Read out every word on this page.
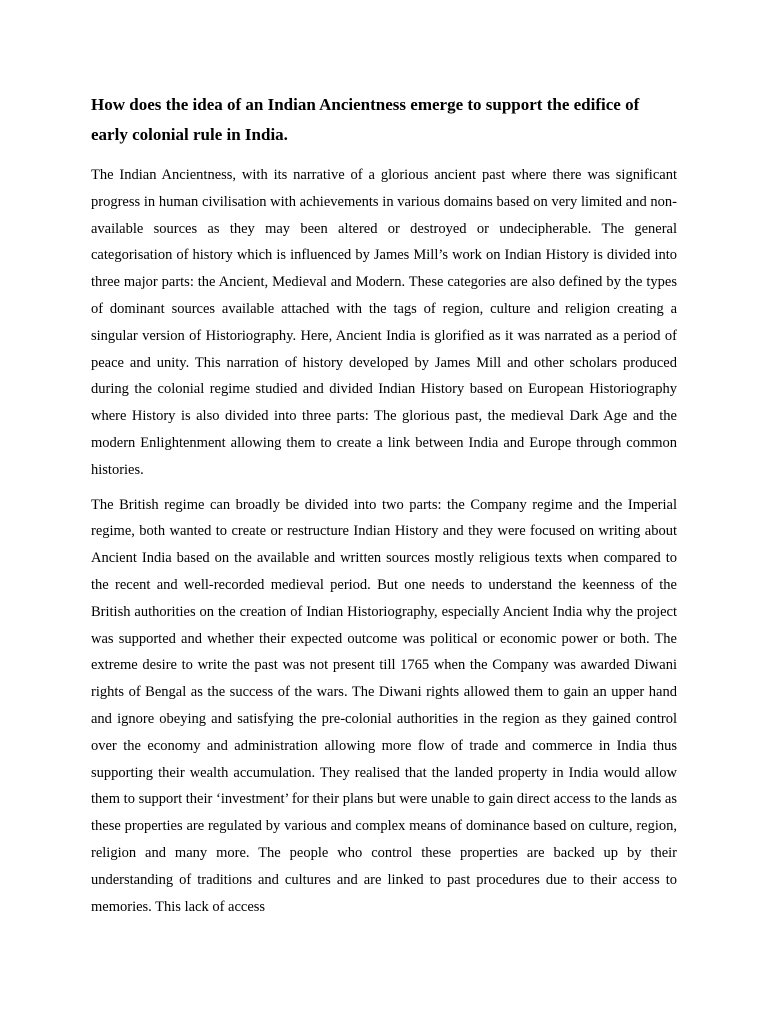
How does the idea of an Indian Ancientness emerge to support the edifice of early colonial rule in India.

The Indian Ancientness, with its narrative of a glorious ancient past where there was significant progress in human civilisation with achievements in various domains based on very limited and non-available sources as they may been altered or destroyed or undecipherable. The general categorisation of history which is influenced by James Mill’s work on Indian History is divided into three major parts: the Ancient, Medieval and Modern. These categories are also defined by the types of dominant sources available attached with the tags of region, culture and religion creating a singular version of Historiography. Here, Ancient India is glorified as it was narrated as a period of peace and unity. This narration of history developed by James Mill and other scholars produced during the colonial regime studied and divided Indian History based on European Historiography where History is also divided into three parts: The glorious past, the medieval Dark Age and the modern Enlightenment allowing them to create a link between India and Europe through common histories.

The British regime can broadly be divided into two parts: the Company regime and the Imperial regime, both wanted to create or restructure Indian History and they were focused on writing about Ancient India based on the available and written sources mostly religious texts when compared to the recent and well-recorded medieval period. But one needs to understand the keenness of the British authorities on the creation of Indian Historiography, especially Ancient India why the project was supported and whether their expected outcome was political or economic power or both. The extreme desire to write the past was not present till 1765 when the Company was awarded Diwani rights of Bengal as the success of the wars. The Diwani rights allowed them to gain an upper hand and ignore obeying and satisfying the pre-colonial authorities in the region as they gained control over the economy and administration allowing more flow of trade and commerce in India thus supporting their wealth accumulation. They realised that the landed property in India would allow them to support their ‘investment’ for their plans but were unable to gain direct access to the lands as these properties are regulated by various and complex means of dominance based on culture, region, religion and many more. The people who control these properties are backed up by their understanding of traditions and cultures and are linked to past procedures due to their access to memories. This lack of access
